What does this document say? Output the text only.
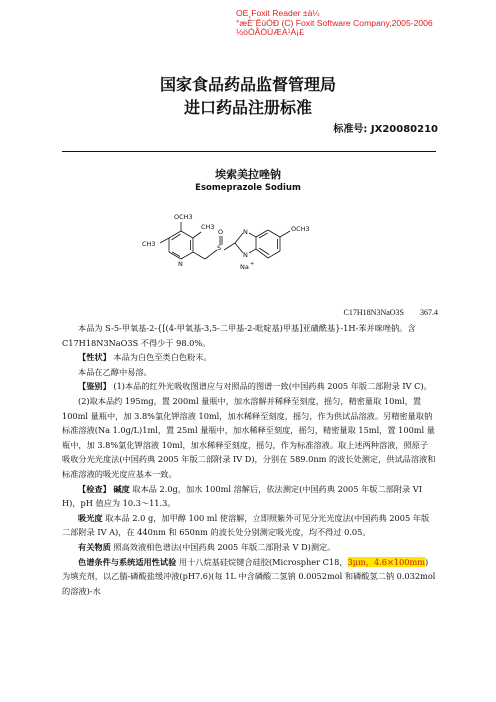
OE¸Foxit Reader ±à¼
°æÈ¨ËùÓÐ (C) Foxit Software Company,2005-2006
½öÓÃÓÚÆÀ¹À¡£
国家食品药品监督管理局
进口药品注册标准
标准号: JX20080210
埃索美拉唑钠
Esomeprazole Sodium
OCH3
CH3
CH3	S
O	OCH3
N
N
N
Na +
C17H18N3NaO3S 367.4

本品为 S-5-甲氧基-2-{[(4-甲氧基-3,5-二甲基-2-吡啶基)甲基]亚磺酰基}-1H-苯并咪唑钠。含C17H18N3NaO3S 不得少于 98.0%。

【性状】 本品为白色至类白色粉末。

本品在乙醇中易溶。

【鉴别】 (1)本品的红外光吸收图谱应与对照品的图谱一致(中国药典 2005 年版二部附录 IV C)。

(2)取本品约 195mg，置 200ml 量瓶中，加水溶解并稀释至刻度，摇匀，精密量取 10ml，置 100ml 量瓶中，加 3.8%氯化钾溶液 10ml，加水稀释至刻度，摇匀，作为供试品溶液。另精密量取钠标准溶液(Na 1.0g/L)1ml，置 25ml 量瓶中，加水稀释至刻度，摇匀，精密量取 15ml，置 100ml 量瓶中，加 3.8%氯化钾溶液 10ml，加水稀释至刻度，摇匀，作为标准溶液。取上述两种溶液，照原子吸收分光光度法(中国药典 2005 年版二部附录 IV D)，分别在 589.0nm 的波长处测定，供试品溶液和标准溶液的吸光度应基本一致。

【检查】 碱度 取本品 2.0g，加水 100ml 溶解后，依法测定(中国药典 2005 年版二部附录 VI H)，pH 值应为 10.3～11.3。

吸光度 取本品 2.0 g，加甲醇 100 ml 使溶解，立即照紫外可见分光光度法(中国药典 2005 年版二部附录 IV A)，在 440nm 和 650nm 的波长处分别测定吸光度，均不得过 0.05。

有关物质 照高效液相色谱法(中国药典 2005 年版二部附录 V D)测定。

色谱条件与系统适用性试验 用十八烷基硅烷键合硅胶(Microspher C18，3μm，4.6×100mm)为填充剂，以乙腈-磷酸盐缓冲液(pH7.6)(每 1L 中含磷酸二氢钠 0.0052mol 和磷酸氢二钠 0.032mol 的溶液)-水
